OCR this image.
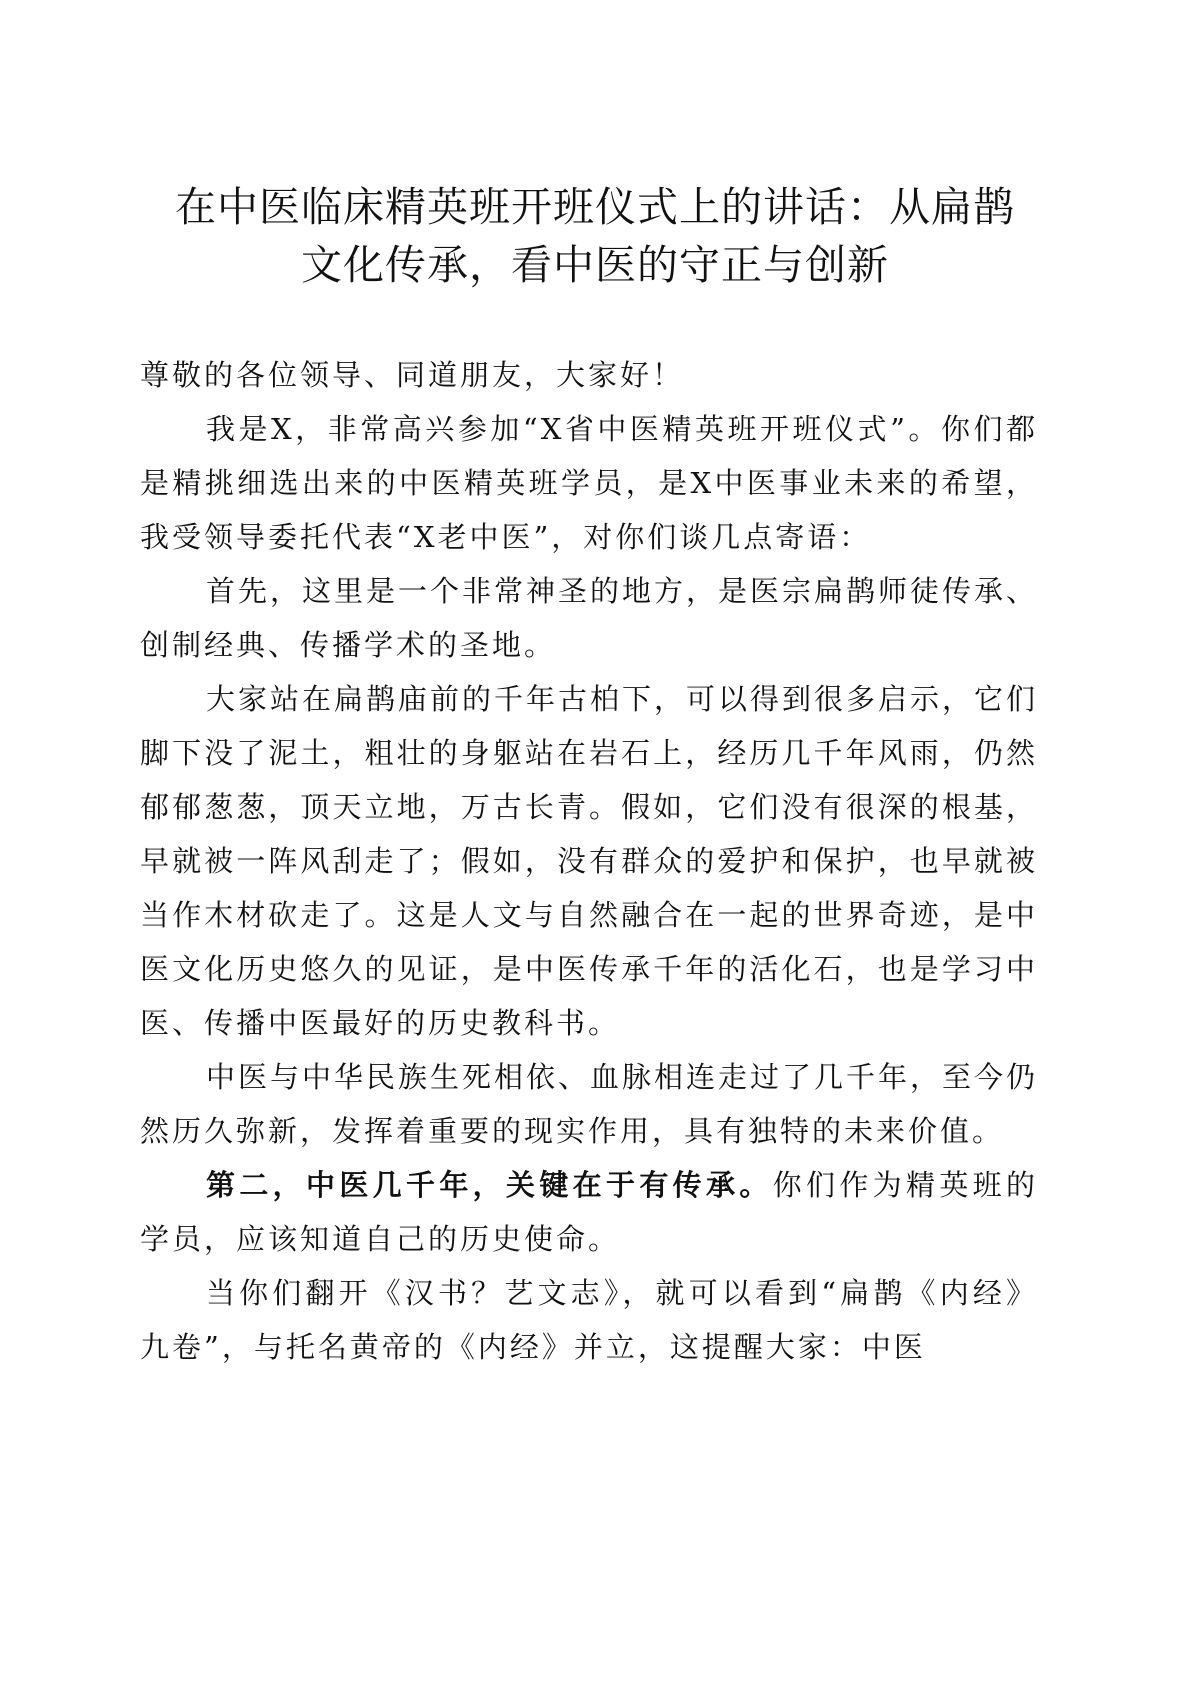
在中医临床精英班开班仪式上的讲话：从扁鹊
文化传承，看中医的守正与创新

尊敬的各位领导、同道朋友，大家好！

我是X，非常高兴参加“X省中医精英班开班仪式”。你们都是精挑细选出来的中医精英班学员，是X中医事业未来的希望，我受领导委托代表“X老中医”，对你们谈几点寄语：

首先，这里是一个非常神圣的地方，是医宗扁鹊师徒传承、创制经典、传播学术的圣地。

大家站在扁鹊庙前的千年古柏下，可以得到很多启示，它们脚下没了泥土，粗壮的身躯站在岩石上，经历几千年风雨，仍然郁郁葱葱，顶天立地，万古长青。假如，它们没有很深的根基，早就被一阵风刮走了；假如，没有群众的爱护和保护，也早就被当作木材砍走了。这是人文与自然融合在一起的世界奇迹，是中医文化历史悠久的见证，是中医传承千年的活化石，也是学习中医、传播中医最好的历史教科书。

中医与中华民族生死相依、血脉相连走过了几千年，至今仍然历久弥新，发挥着重要的现实作用，具有独特的未来价值。

第二，中医几千年，关键在于有传承。你们作为精英班的学员，应该知道自己的历史使命。

当你们翻开《汉书？艺文志》，就可以看到“扁鹊《内经》九卷”，与托名黄帝的《内经》并立，这提醒大家：中医
